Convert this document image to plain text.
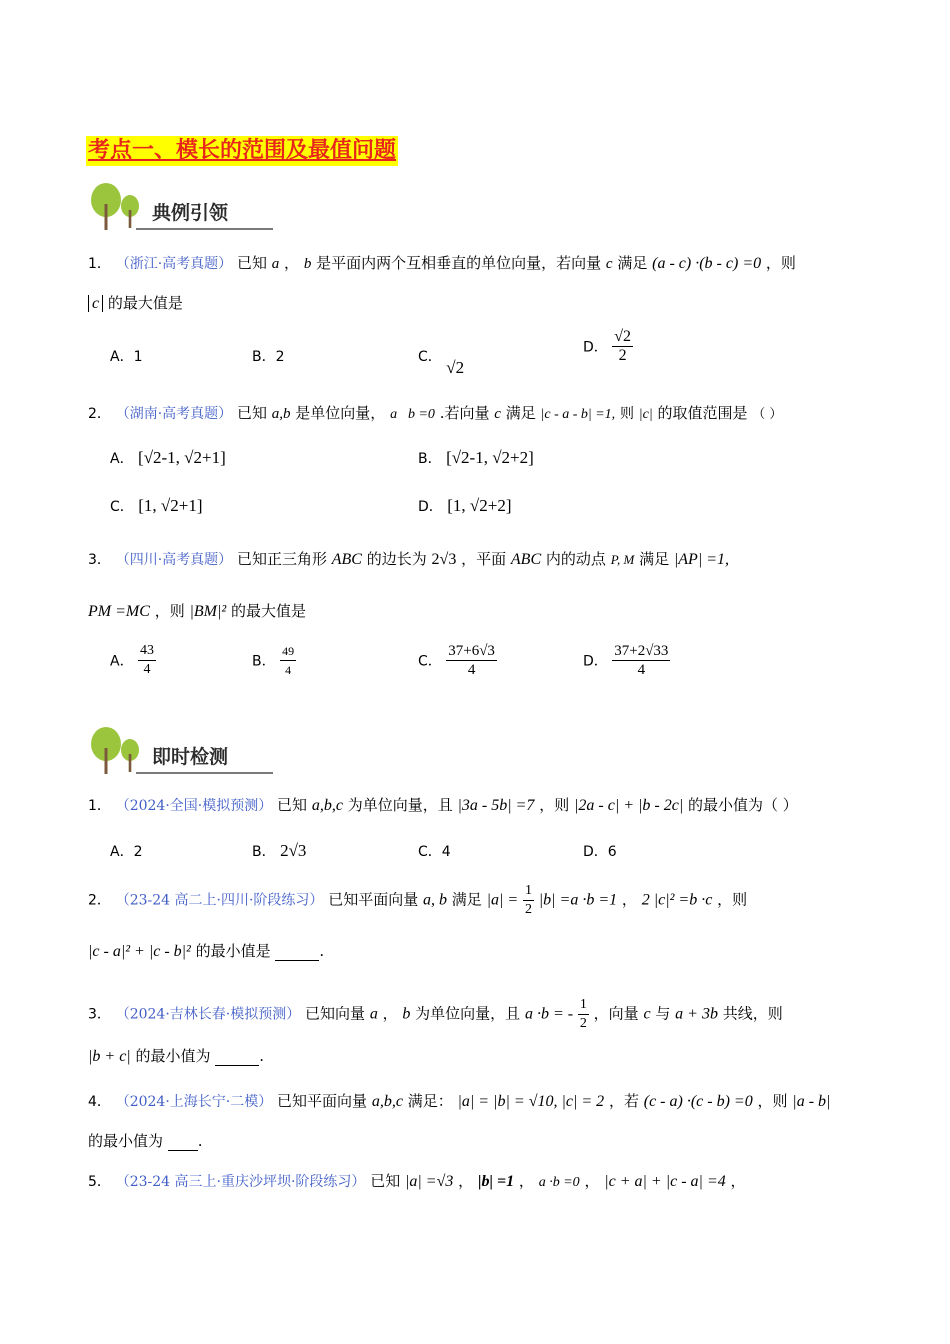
考点一、模长的范围及最值问题
典例引领
1． （浙江·高考真题） 已知 a ， b 是平面内两个互相垂直的单位向量，若向量 c 满足 (a - c) ·(b - c) =0 ，则
c 的最大值是
A．1	B．2	C． √2
D． $\frac{√2}{2}$
2． （湖南·高考真题） 已知 a,b 是单位向量， a⃞b =0 .若向量 c 满足 |c - a - b| =1, 则 |c| 的取值范围是 （ ）
A． [√2-1, √2+1]	B． [√2-1, √2+2]
C． [1, √2+1]	D． [1, √2+2]
3． （四川·高考真题） 已知正三角形 ABC 的边长为 2√3 ，平面 ABC 内的动点 P, M 满足 |AP| =1,
PM =MC ，则 |BM|² 的最大值是
A． $\frac{43}{4}$	B． $\frac{49}{4}$	C． $\frac{37+6√3}{4}$	D． $\frac{37+2√33}{4}$
即时检测
1． （2024·全国·模拟预测） 已知 a,b,c 为单位向量，且 |3a - 5b| =7 ，则 |2a - c| + |b - 2c| 的最小值为（ ）
A．2	B． 2√3	C．4	D．6
2． （23-24 高二上·四川·阶段练习） 已知平面向量 a, b 满足 $|a| = \frac{1}{2} |b| =a \cdot b =1$ ， 2 |c|² =b ·c ，则
|c - a|² + |c - b|² 的最小值是	.
3． （2024·吉林长春·模拟预测） 已知向量 a ， b 为单位向量，且 a ·b = - $\frac{1}{2}$ ，向量 c 与 a + 3b 共线，则
|b + c| 的最小值为	.
4． （2024·上海长宁·二模） 已知平面向量 a,b,c 满足： |a| = |b| = √10, |c| = 2 ，若 (c - a) ·(c - b) =0 ，则 |a - b|
的最小值为 .
5． （23-24 高三上·重庆沙坪坝·阶段练习） 已知 |a| =√3 ， |b| =1 ， a ·b =0 ， |c + a| + |c - a| =4 ，
